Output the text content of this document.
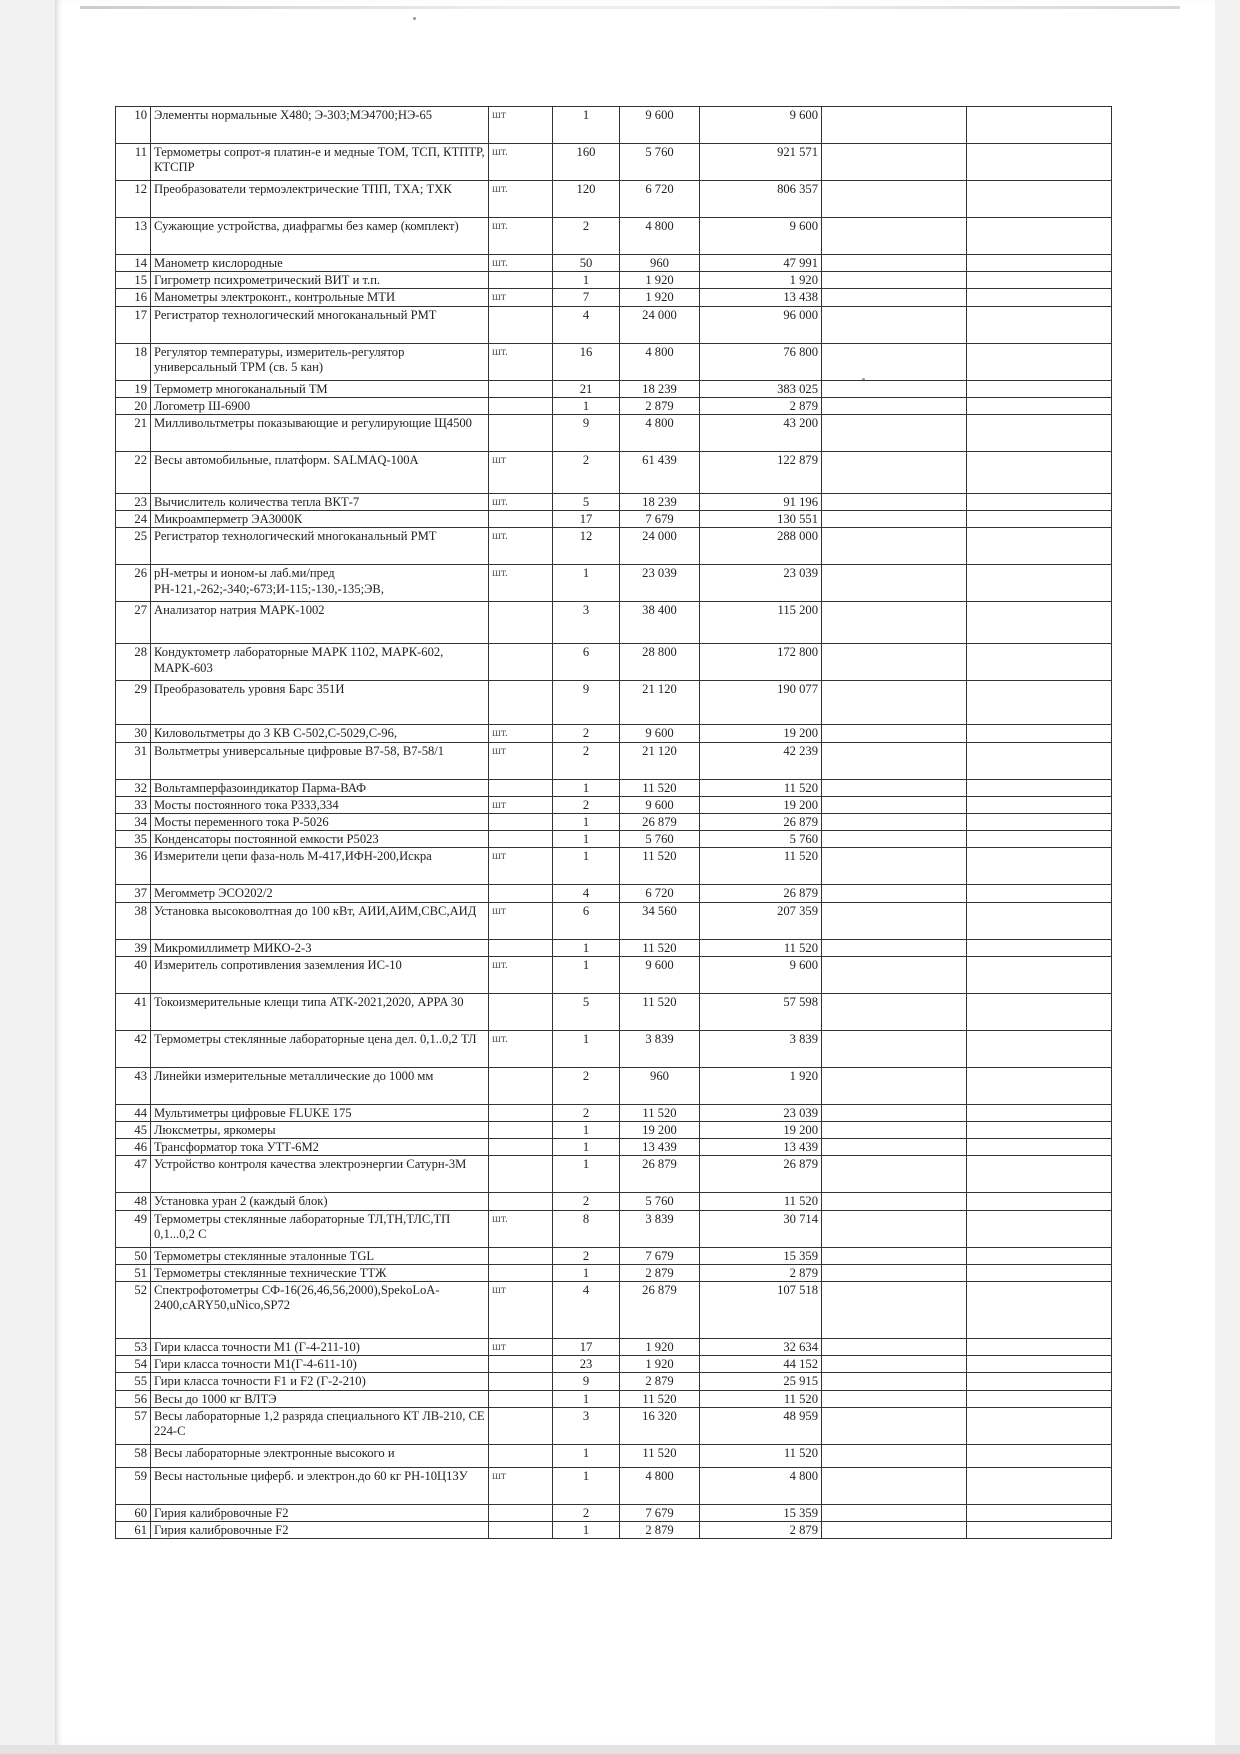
10	Элементы нормальные Х480; Э-303;МЭ4700;НЭ-65	шт	1	9 600	9 600		
11	Термометры сопрот-я платин-е и медные ТОМ, ТСП, КТПТР, КТСПР	шт.	160	5 760	921 571		
12	Преобразователи термоэлектрические ТПП, ТХА; ТХК	шт.	120	6 720	806 357		
13	Сужающие устройства, диафрагмы без камер (комплект)	шт.	2	4 800	9 600		
14	Манометр кислородные	шт.	50	960	47 991		
15	Гигрометр психрометрический ВИТ и т.п.		1	1 920	1 920		
16	Манометры электроконт., контрольные МТИ	шт	7	1 920	13 438		
17	Регистратор технологический многоканальный РМТ		4	24 000	96 000		
18	Регулятор температуры, измеритель-регулятор универсальный ТРМ (св. 5 кан)	шт.	16	4 800	76 800		
19	Термометр многоканальный ТМ		21	18 239	383 025		
20	Логометр Ш-6900		1	2 879	2 879		
21	Милливольтметры показывающие и регулирующие Щ4500		9	4 800	43 200		
22	Весы автомобильные, платформ. SALMAQ-100А	шт	2	61 439	122 879		
23	Вычислитель количества тепла ВКТ-7	шт.	5	18 239	91 196		
24	Микроамперметр ЭА3000К		17	7 679	130 551		
25	Регистратор технологический многоканальный РМТ	шт.	12	24 000	288 000		
26	рН-метры и ионом-ы лаб.ми/пред РН-121,-262;-340;-673;И-115;-130,-135;ЭВ,	шт.	1	23 039	23 039		
27	Анализатор натрия МАРК-1002		3	38 400	115 200		
28	Кондуктометр лабораторные МАРК 1102, МАРК-602, МАРК-603		6	28 800	172 800		
29	Преобразователь уровня Барс 351И		9	21 120	190 077		
30	Киловольтметры до 3 КВ С-502,С-5029,С-96,	шт.	2	9 600	19 200		
31	Вольтметры универсальные цифровые В7-58, В7-58/1	шт	2	21 120	42 239		
32	Вольтамперфазоиндикатор Парма-ВАФ		1	11 520	11 520		
33	Мосты постоянного тока Р333,334	шт	2	9 600	19 200		
34	Мосты переменного тока Р-5026		1	26 879	26 879		
35	Конденсаторы постоянной емкости Р5023		1	5 760	5 760		
36	Измерители цепи фаза-ноль М-417,ИФН-200,Искра	шт	1	11 520	11 520		
37	Мегомметр ЭСО202/2		4	6 720	26 879		
38	Установка высоковолтная до 100 кВт, АИИ,АИМ,СВС,АИД	шт	6	34 560	207 359		
39	Микромиллиметр МИКО-2-3		1	11 520	11 520		
40	Измеритель сопротивления заземления ИС-10	шт.	1	9 600	9 600		
41	Токоизмерительные клещи типа АТК-2021,2020, APPA 30		5	11 520	57 598		
42	Термометры стеклянные лабораторные цена дел. 0,1..0,2 ТЛ	шт.	1	3 839	3 839		
43	Линейки измерительные металлические до 1000 мм		2	960	1 920		
44	Мультиметры цифровые FLUKE 175		2	11 520	23 039		
45	Люксметры, яркомеры		1	19 200	19 200		
46	Трансформатор тока УТТ-6М2		1	13 439	13 439		
47	Устройство контроля качества электроэнергии Сатурн-3М		1	26 879	26 879		
48	Установка уран 2 (каждый блок)		2	5 760	11 520		
49	Термометры стеклянные лабораторные ТЛ,ТН,ТЛС,ТП 0,1...0,2 С	шт.	8	3 839	30 714		
50	Термометры стеклянные эталонные TGL		2	7 679	15 359		
51	Термометры стеклянные технические ТТЖ		1	2 879	2 879		
52	Спектрофотометры СФ-16(26,46,56,2000),SpekoLoA-2400,cARY50,uNico,SP72	шт	4	26 879	107 518		
53	Гири класса точности М1 (Г-4-211-10)	шт	17	1 920	32 634		
54	Гири класса точности М1(Г-4-611-10)		23	1 920	44 152		
55	Гири класса точности F1 и F2 (Г-2-210)		9	2 879	25 915		
56	Весы до 1000 кг ВЛТЭ		1	11 520	11 520		
57	Весы лабораторные 1,2 разряда специального КТ ЛВ-210, СЕ 224-С		3	16 320	48 959		
58	Весы лабораторные электронные высокого и		1	11 520	11 520		
59	Весы настольные циферб. и электрон.до 60 кг РН-10Ц13У	шт	1	4 800	4 800		
60	Гирия калибровочные F2		2	7 679	15 359		
61	Гирия калибровочные F2		1	2 879	2 879		
